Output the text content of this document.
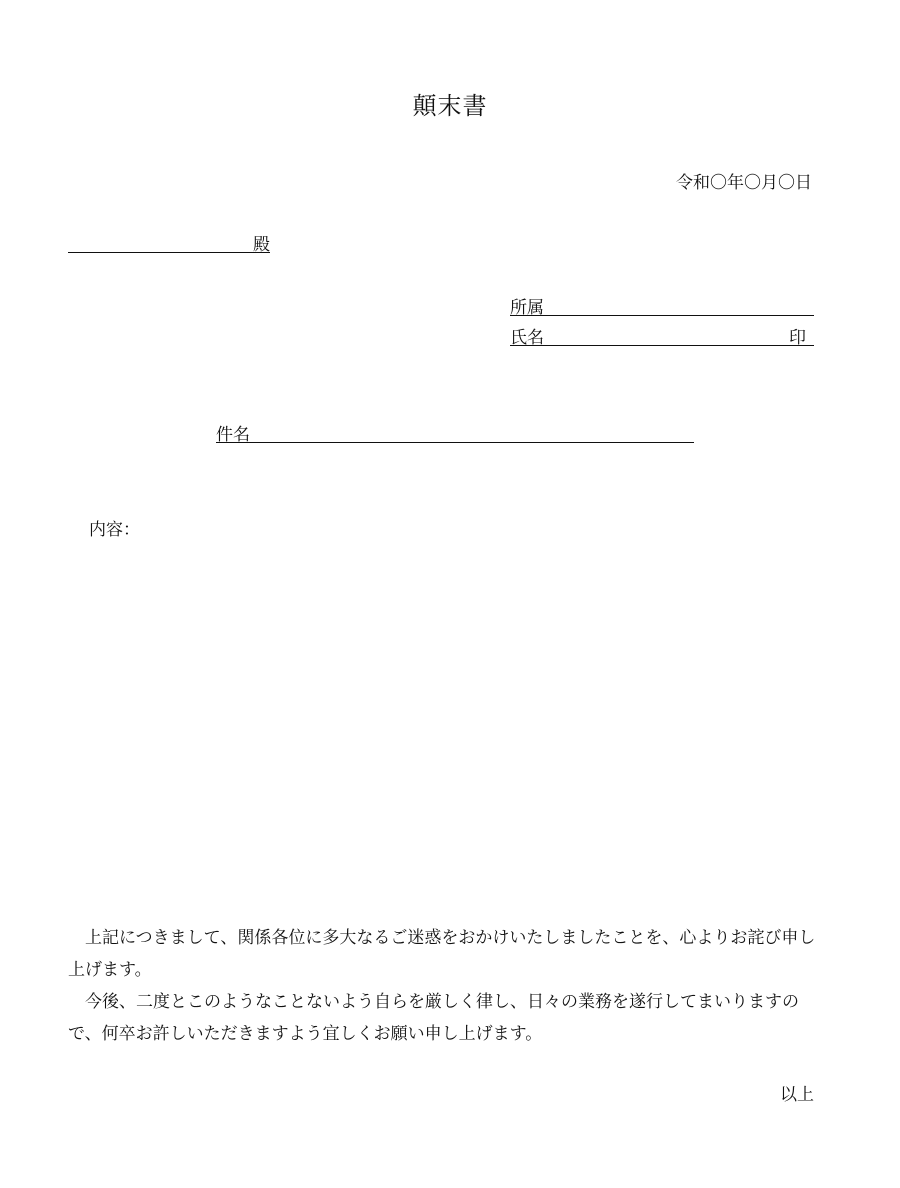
顛末書
令和〇年〇月〇日
殿
所属
氏名	印
件名
内容：

上記につきまして、関係各位に多大なるご迷惑をおかけいたしましたことを、心よりお詫び申し上げます。

今後、二度とこのようなことないよう自らを厳しく律し、日々の業務を遂行してまいりますので、何卒お許しいただきますよう宜しくお願い申し上げます。

以上
